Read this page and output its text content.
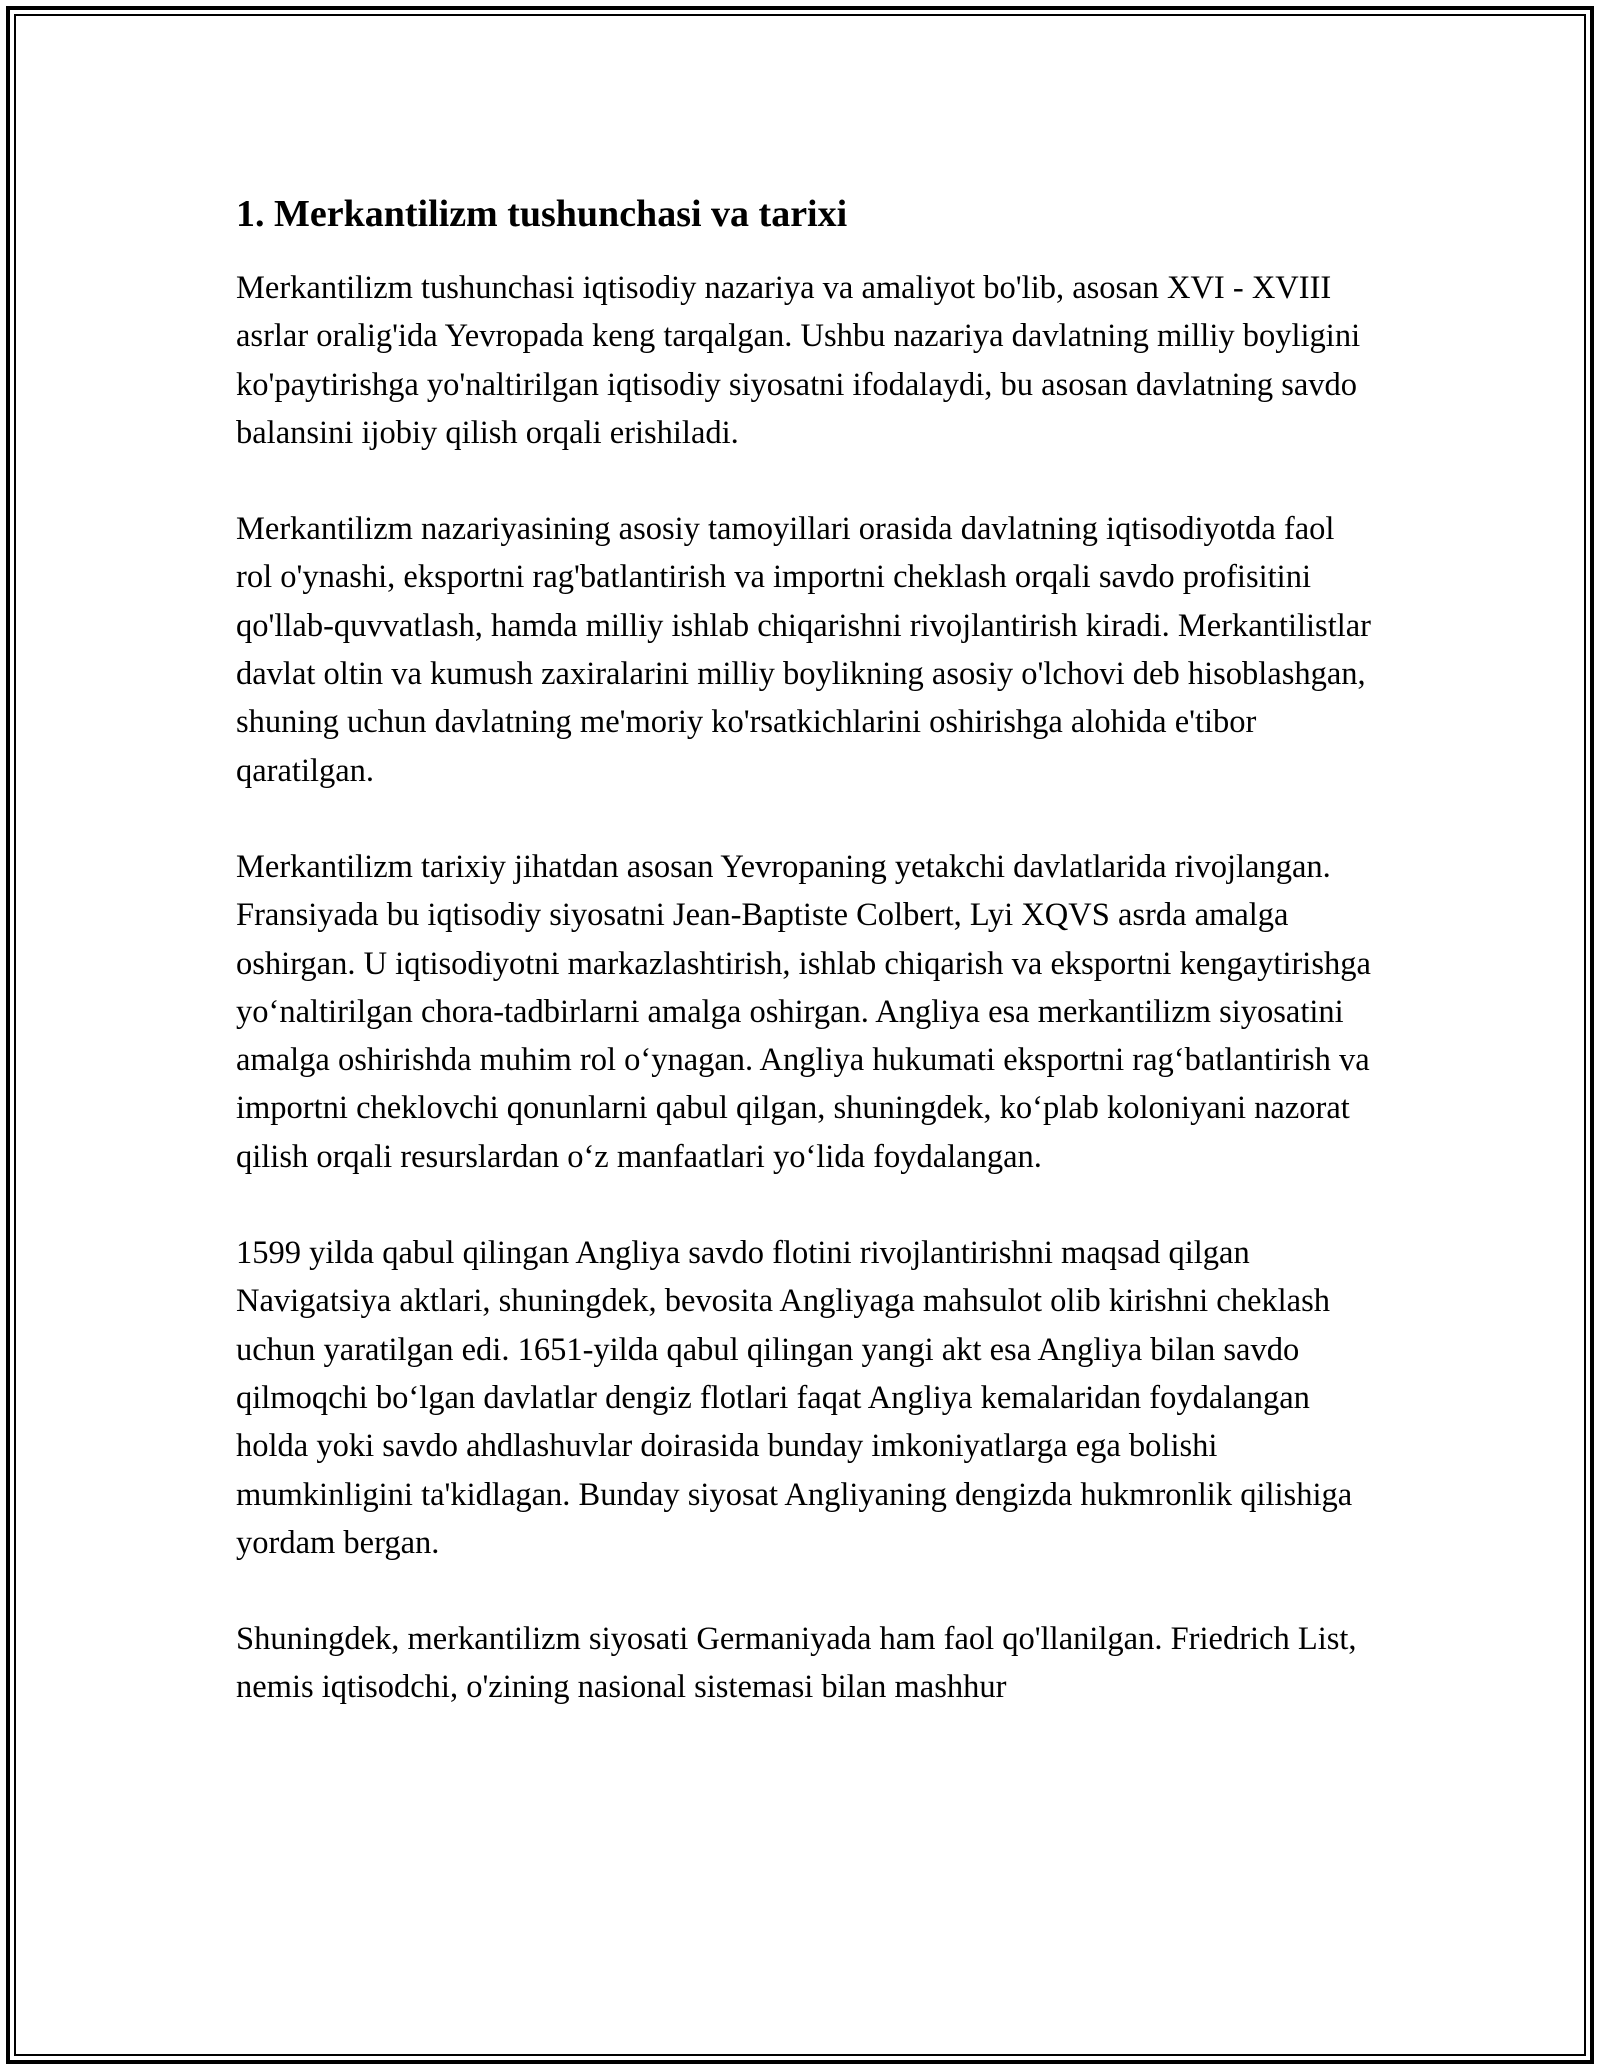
1. Merkantilizm tushunchasi va tarixi

Merkantilizm tushunchasi iqtisodiy nazariya va amaliyot bo'lib, asosan XVI - XVIII asrlar oralig'ida Yevropada keng tarqalgan. Ushbu nazariya davlatning milliy boyligini ko'paytirishga yo'naltirilgan iqtisodiy siyosatni ifodalaydi, bu asosan davlatning savdo balansini ijobiy qilish orqali erishiladi.

Merkantilizm nazariyasining asosiy tamoyillari orasida davlatning iqtisodiyotda faol rol o'ynashi, eksportni rag'batlantirish va importni cheklash orqali savdo profisitini qo'llab-quvvatlash, hamda milliy ishlab chiqarishni rivojlantirish kiradi. Merkantilistlar davlat oltin va kumush zaxiralarini milliy boylikning asosiy o'lchovi deb hisoblashgan, shuning uchun davlatning me'moriy ko'rsatkichlarini oshirishga alohida e'tibor qaratilgan.

Merkantilizm tarixiy jihatdan asosan Yevropaning yetakchi davlatlarida rivojlangan. Fransiyada bu iqtisodiy siyosatni Jean-Baptiste Colbert, Lyi XQVS asrda amalga oshirgan. U iqtisodiyotni markazlashtirish, ishlab chiqarish va eksportni kengaytirishga yo‘naltirilgan chora-tadbirlarni amalga oshirgan. Angliya esa merkantilizm siyosatini amalga oshirishda muhim rol o‘ynagan. Angliya hukumati eksportni rag‘batlantirish va importni cheklovchi qonunlarni qabul qilgan, shuningdek, ko‘plab koloniyani nazorat qilish orqali resurslardan o‘z manfaatlari yo‘lida foydalangan.

1599 yilda qabul qilingan Angliya savdo flotini rivojlantirishni maqsad qilgan Navigatsiya aktlari, shuningdek, bevosita Angliyaga mahsulot olib kirishni cheklash uchun yaratilgan edi. 1651-yilda qabul qilingan yangi akt esa Angliya bilan savdo qilmoqchi bo‘lgan davlatlar dengiz flotlari faqat Angliya kemalaridan foydalangan holda yoki savdo ahdlashuvlar doirasida bunday imkoniyatlarga ega bolishi mumkinligini ta'kidlagan. Bunday siyosat Angliyaning dengizda hukmronlik qilishiga yordam bergan.

Shuningdek, merkantilizm siyosati Germaniyada ham faol qo'llanilgan. Friedrich List, nemis iqtisodchi, o'zining nasional sistemasi bilan mashhur
